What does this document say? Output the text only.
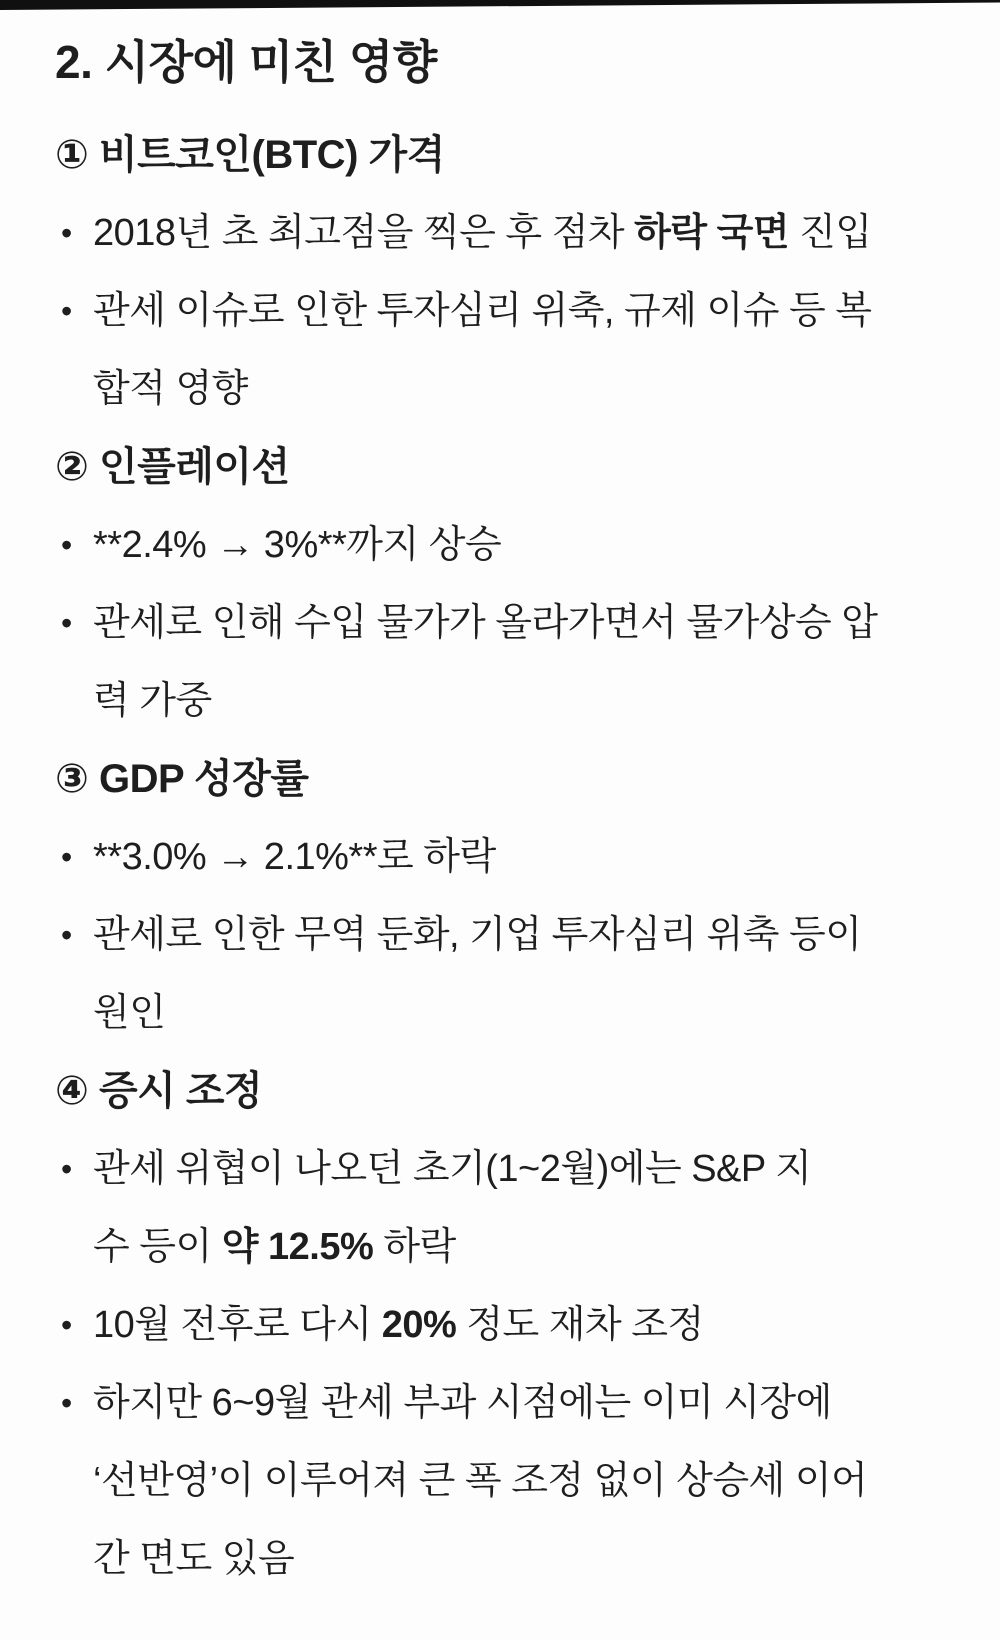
2. 시장에 미친 영향
① 비트코인(BTC) 가격
• 2018년 초 최고점을 찍은 후 점차 하락 국면 진입
• 관세 이슈로 인한 투자심리 위축, 규제 이슈 등 복
합적 영향
② 인플레이션
• **2.4% → 3%**까지 상승
• 관세로 인해 수입 물가가 올라가면서 물가상승 압
력 가중
③ GDP 성장률
• **3.0% → 2.1%**로 하락
• 관세로 인한 무역 둔화, 기업 투자심리 위축 등이
원인
④ 증시 조정
• 관세 위협이 나오던 초기(1~2월)에는 S&P 지
수 등이 약 12.5% 하락
• 10월 전후로 다시 20% 정도 재차 조정
• 하지만 6~9월 관세 부과 시점에는 이미 시장에
‘선반영’이 이루어져 큰 폭 조정 없이 상승세 이어
간 면도 있음
